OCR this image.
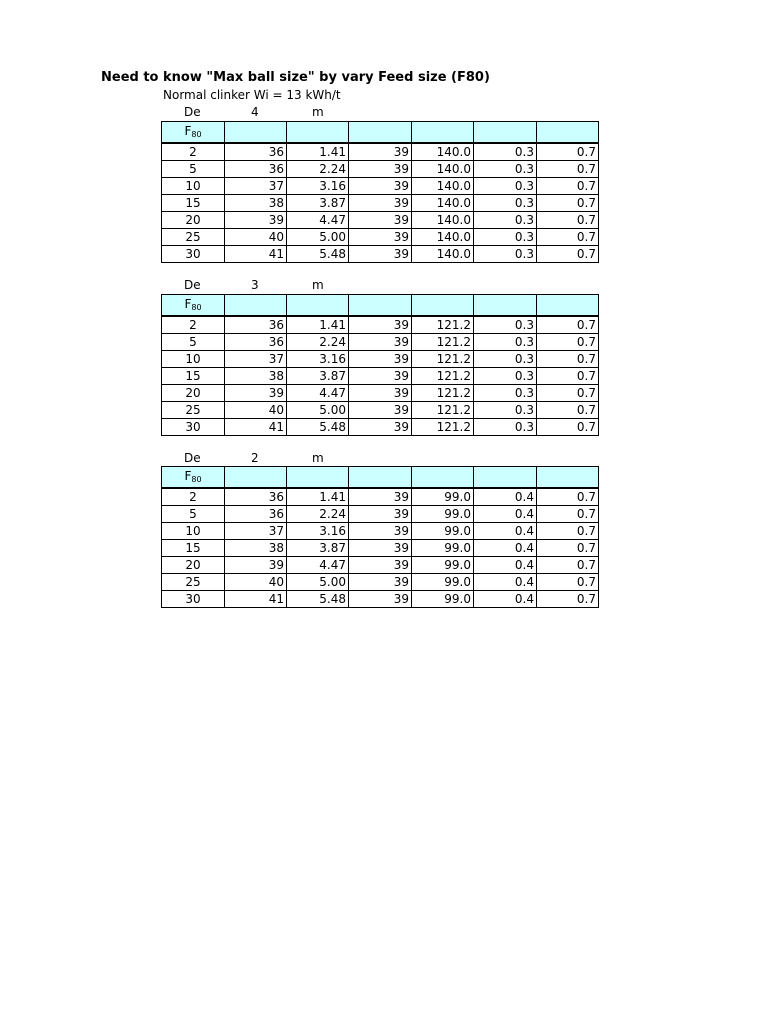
Need to know "Max ball size" by vary Feed size (F80)
Normal clinker Wi = 13 kWh/t
De	4	m
$F_{80}$						
2	36	1.41	39	140.0	0.3	0.7
5	36	2.24	39	140.0	0.3	0.7
10	37	3.16	39	140.0	0.3	0.7
15	38	3.87	39	140.0	0.3	0.7
20	39	4.47	39	140.0	0.3	0.7
25	40	5.00	39	140.0	0.3	0.7
30	41	5.48	39	140.0	0.3	0.7
De	3	m
$F_{80}$						
2	36	1.41	39	121.2	0.3	0.7
5	36	2.24	39	121.2	0.3	0.7
10	37	3.16	39	121.2	0.3	0.7
15	38	3.87	39	121.2	0.3	0.7
20	39	4.47	39	121.2	0.3	0.7
25	40	5.00	39	121.2	0.3	0.7
30	41	5.48	39	121.2	0.3	0.7
De	2	m
$F_{80}$						
2	36	1.41	39	99.0	0.4	0.7
5	36	2.24	39	99.0	0.4	0.7
10	37	3.16	39	99.0	0.4	0.7
15	38	3.87	39	99.0	0.4	0.7
20	39	4.47	39	99.0	0.4	0.7
25	40	5.00	39	99.0	0.4	0.7
30	41	5.48	39	99.0	0.4	0.7
